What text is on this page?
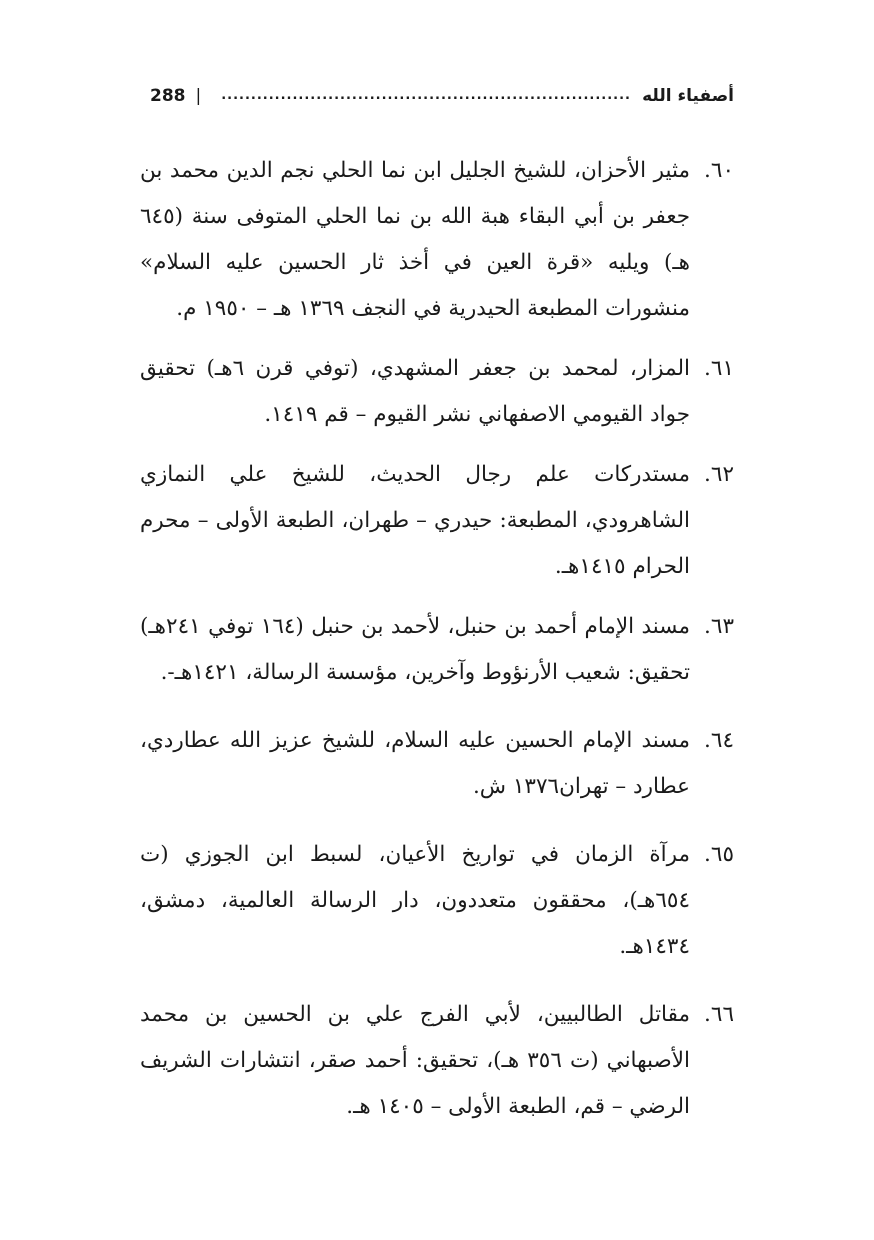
288 |
.....	أصفياء الله
٦٠.
مثير الأحزان، للشيخ الجليل ابن نما الحلي نجم الدين محمد بن جعفر بن أبي البقاء هبة الله بن نما الحلي المتوفى سنة (٦٤٥ هـ) ويليه «قرة العين في أخذ ثار الحسين عليه السلام» منشورات المطبعة الحيدرية في النجف ١٣٦٩ هـ – ١٩٥٠ م.
٦١.
المزار، لمحمد بن جعفر المشهدي، (توفي قرن ٦هـ) تحقيق جواد القيومي الاصفهاني نشر القيوم – قم ١٤١٩.
٦٢.
مستدركات علم رجال الحديث، للشيخ علي النمازي الشاهرودي، المطبعة: حيدري – طهران، الطبعة الأولى – محرم الحرام ١٤١٥هـ.
٦٣.
مسند الإمام أحمد بن حنبل، لأحمد بن حنبل (١٦٤ توفي ٢٤١هـ) تحقيق: شعيب الأرنؤوط وآخرين، مؤسسة الرسالة، ١٤٢١هـ-.
٦٤.
مسند الإمام الحسين عليه السلام، للشيخ عزيز الله عطاردي، عطارد – تهران١٣٧٦ ش.
٦٥.
مرآة الزمان في تواريخ الأعيان، لسبط ابن الجوزي (ت ٦٥٤هـ)، محققون متعددون، دار الرسالة العالمية، دمشق، ١٤٣٤هـ.
٦٦.
مقاتل الطالبيين، لأبي الفرج علي بن الحسين بن محمد الأصبهاني (ت ٣٥٦ هـ)، تحقيق: أحمد صقر، انتشارات الشريف الرضي – قم، الطبعة الأولى – ١٤٠٥ هـ.
